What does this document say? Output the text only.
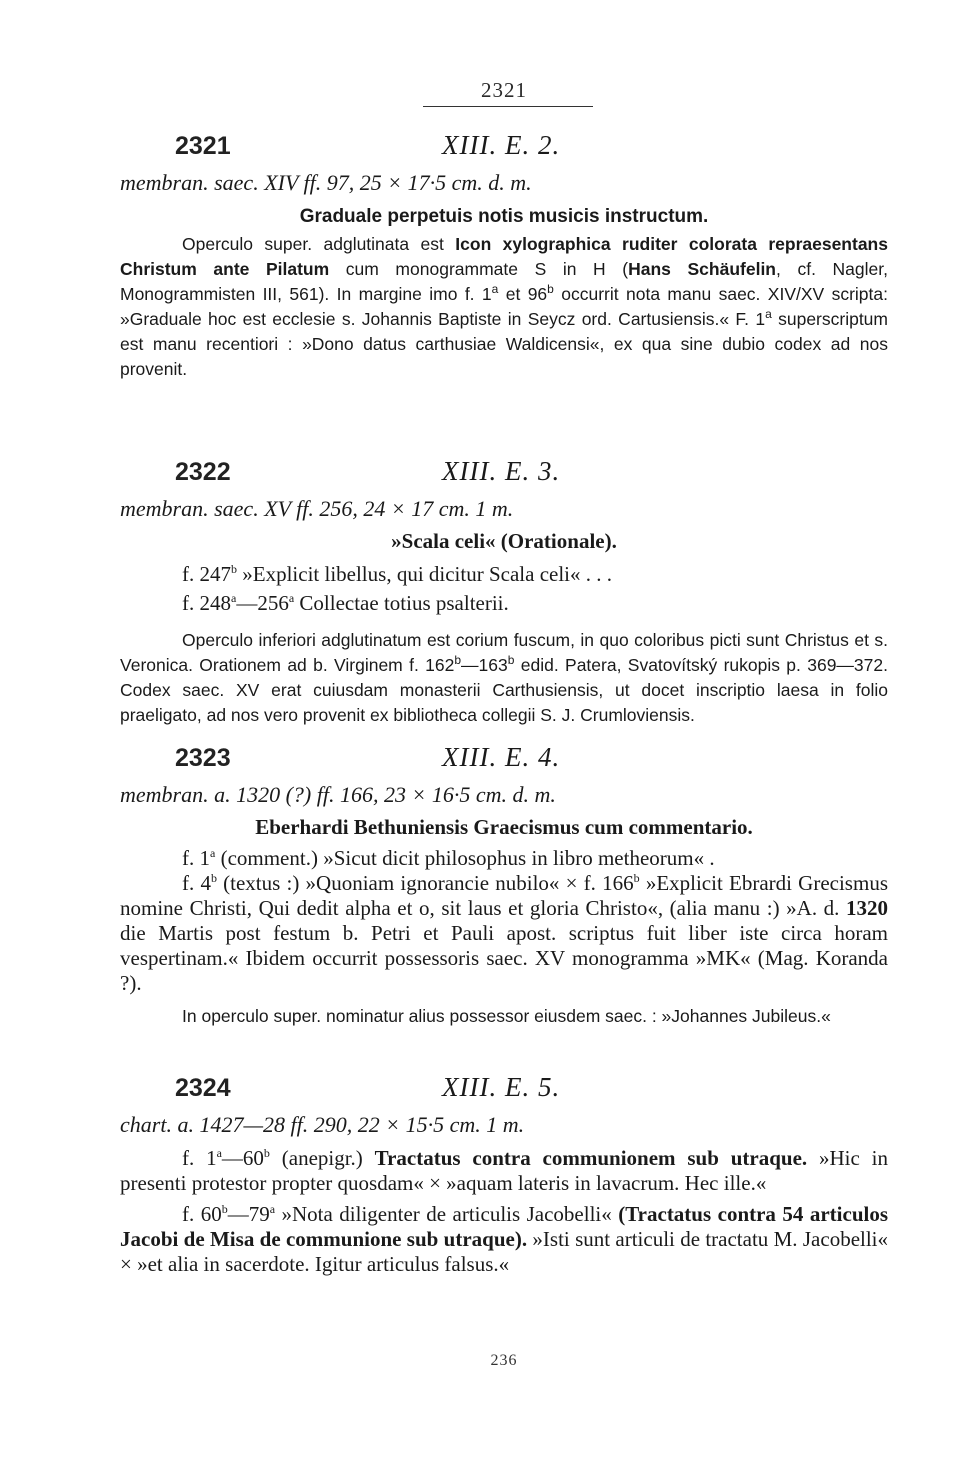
2321
2321	XIII. E. 2.
membran. saec. XIV ff. 97, 25 × 17·5 cm. d. m.
Graduale perpetuis notis musicis instructum.

Operculo super. adglutinata est Icon xylographica ruditer colorata repraesentans Christum ante Pilatum cum monogrammate S in H (Hans Schäufelin, cf. Nagler, Monogrammisten III, 561). In margine imo f. 1$^a$ et 96$^b$ occurrit nota manu saec. XIV/XV scripta: »Graduale hoc est ecclesie s. Johannis Baptiste in Seycz ord. Cartusiensis.« F. 1$^a$ superscriptum est manu recentiori : »Dono datus carthusiae Waldicensi«, ex qua sine dubio codex ad nos provenit.

2322	XIII. E. 3.
membran. saec. XV ff. 256, 24 × 17 cm. 1 m.
»Scala celi« (Orationale).
f. 247$^b$ »Explicit libellus, qui dicitur Scala celi« . . .
f. 248$^a$—256$^a$ Collectae totius psalterii.

Operculo inferiori adglutinatum est corium fuscum, in quo coloribus picti sunt Christus et s. Veronica. Orationem ad b. Virginem f. 162$^b$—163$^b$ edid. Patera, Svatovítský rukopis p. 369—372. Codex saec. XV erat cuiusdam monasterii Carthusiensis, ut docet inscriptio laesa in folio praeligato, ad nos vero provenit ex bibliotheca collegii S. J. Crumloviensis.

2323	XIII. E. 4.
membran. a. 1320 (?) ff. 166, 23 × 16·5 cm. d. m.
Eberhardi Bethuniensis Graecismus cum commentario.
f. 1$^a$ (comment.) »Sicut dicit philosophus in libro metheorum« .

f. 4$^b$ (textus :) »Quoniam ignorancie nubilo« × f. 166$^b$ »Explicit Ebrardi Grecismus nomine Christi, Qui dedit alpha et o, sit laus et gloria Christo«, (alia manu :) »A. d. 1320 die Martis post festum b. Petri et Pauli apost. scriptus fuit liber iste circa horam vespertinam.« Ibidem occurrit possessoris saec. XV monogramma »MK« (Mag. Koranda ?).

In operculo super. nominatur alius possessor eiusdem saec. : »Johannes Jubileus.«

2324	XIII. E. 5.
chart. a. 1427—28 ff. 290, 22 × 15·5 cm. 1 m.

f. 1$^a$—60$^b$ (anepigr.) Tractatus contra communionem sub utraque. »Hic in presenti protestor propter quosdam« × »aquam lateris in lavacrum. Hec ille.«

f. 60$^b$—79$^a$ »Nota diligenter de articulis Jacobelli« (Tractatus contra 54 articulos Jacobi de Misa de communione sub utraque). »Isti sunt articuli de tractatu M. Jacobelli« × »et alia in sacerdote. Igitur articulus falsus.«

236
